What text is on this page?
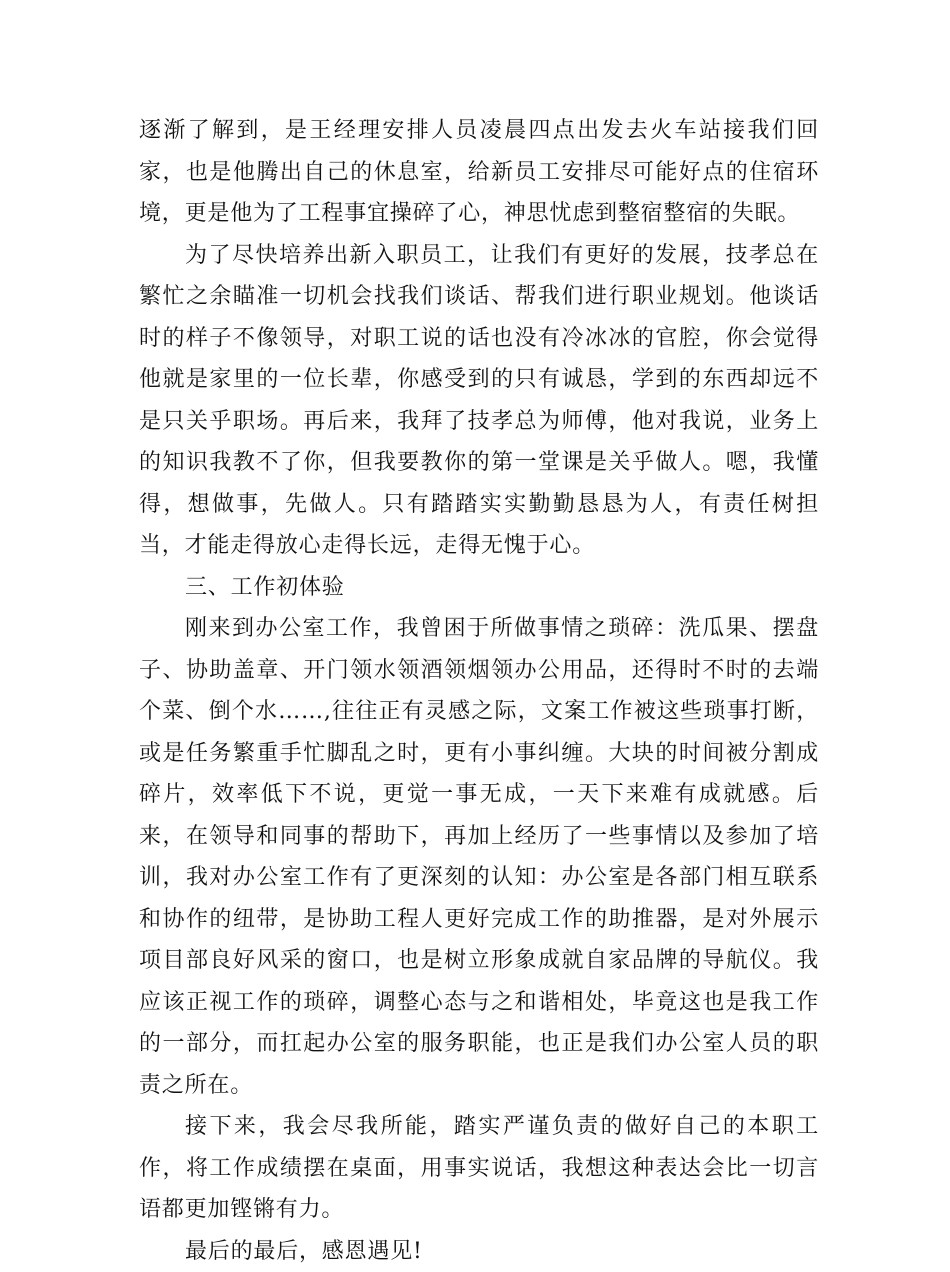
逐渐了解到，是王经理安排人员凌晨四点出发去火车站接我们回家，也是他腾出自己的休息室，给新员工安排尽可能好点的住宿环境，更是他为了工程事宜操碎了心，神思忧虑到整宿整宿的失眠。

为了尽快培养出新入职员工，让我们有更好的发展，技孝总在繁忙之余瞄准一切机会找我们谈话、帮我们进行职业规划。他谈话时的样子不像领导，对职工说的话也没有冷冰冰的官腔，你会觉得他就是家里的一位长辈，你感受到的只有诚恳，学到的东西却远不是只关乎职场。再后来，我拜了技孝总为师傅，他对我说，业务上的知识我教不了你，但我要教你的第一堂课是关乎做人。嗯，我懂得，想做事，先做人。只有踏踏实实勤勤恳恳为人，有责任树担当，才能走得放心走得长远，走得无愧于心。

三、工作初体验

刚来到办公室工作，我曾困于所做事情之琐碎：洗瓜果、摆盘子、协助盖章、开门领水领酒领烟领办公用品，还得时不时的去端个菜、倒个水……,往往正有灵感之际，文案工作被这些琐事打断，或是任务繁重手忙脚乱之时，更有小事纠缠。大块的时间被分割成碎片，效率低下不说，更觉一事无成，一天下来难有成就感。后来，在领导和同事的帮助下，再加上经历了一些事情以及参加了培训，我对办公室工作有了更深刻的认知：办公室是各部门相互联系和协作的纽带，是协助工程人更好完成工作的助推器，是对外展示项目部良好风采的窗口，也是树立形象成就自家品牌的导航仪。我应该正视工作的琐碎，调整心态与之和谐相处，毕竟这也是我工作的一部分，而扛起办公室的服务职能，也正是我们办公室人员的职责之所在。

接下来，我会尽我所能，踏实严谨负责的做好自己的本职工作，将工作成绩摆在桌面，用事实说话，我想这种表达会比一切言语都更加铿锵有力。

最后的最后，感恩遇见!
